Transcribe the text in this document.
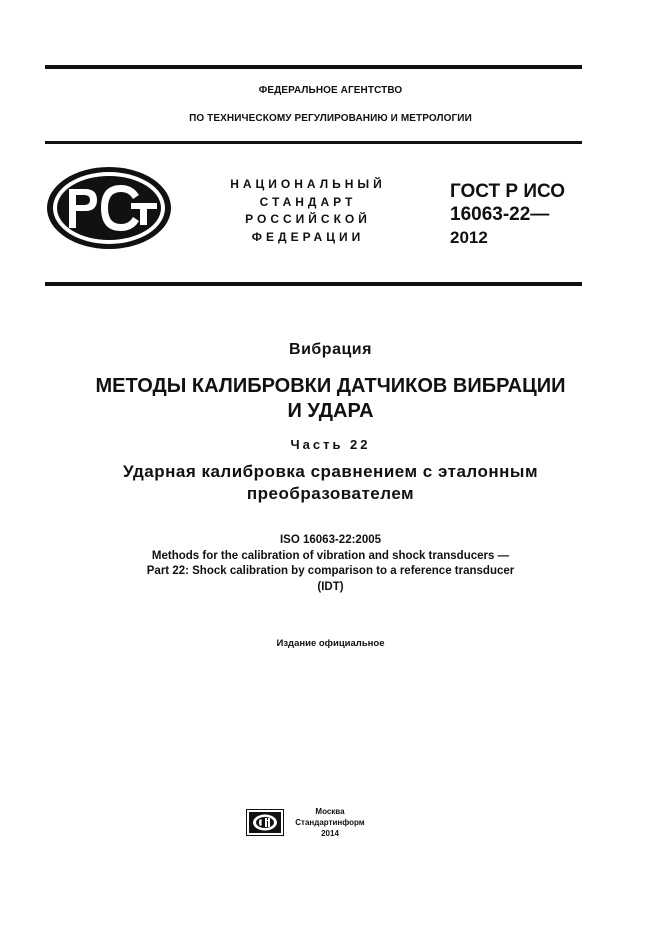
ФЕДЕРАЛЬНОЕ АГЕНТСТВО
ПО ТЕХНИЧЕСКОМУ РЕГУЛИРОВАНИЮ И МЕТРОЛОГИИ
НАЦИОНАЛЬНЫЙ
СТАНДАРТ
РОССИЙСКОЙ
ФЕДЕРАЦИИ
ГОСТ Р ИСО
16063-22—
2012
Вибрация
МЕТОДЫ КАЛИБРОВКИ ДАТЧИКОВ ВИБРАЦИИ
И УДАРА
Часть 22
Ударная калибровка сравнением с эталонным
преобразователем
ISO 16063-22:2005
Methods for the calibration of vibration and shock transducers —
Part 22: Shock calibration by comparison to a reference transducer
(IDT)
Издание официальное
Москва
Стандартинформ
2014
